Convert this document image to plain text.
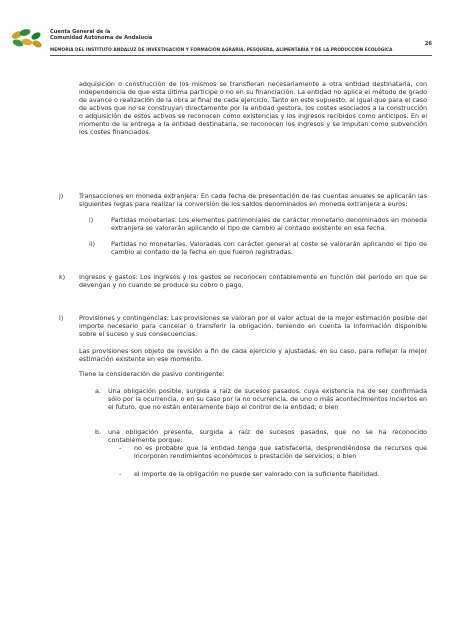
Cuenta General de la
Comunidad Autónoma de Andalucía
26
MEMORIA DEL INSTITUTO ANDALUZ DE INVESTIGACIÓN Y FORMACIÓN AGRARIA, PESQUERA, ALIMENTARIA Y DE LA PRODUCCIÓN ECOLÓGICA
adquisición o construcción de los mismos se transfieran necesariamente a otra entidad destinataria, con independencia de que esta última participe o no en su financiación. La entidad no aplica el método de grado de avance o realización de la obra al final de cada ejercicio. Tanto en este supuesto, al igual que para el caso de activos que no se construyan directamente por la entidad gestora, los costes asociados a la construcción o adquisición de estos activos se reconocen como existencias y los ingresos recibidos como anticipos. En el momento de la entrega a la entidad destinataria, se reconocen los ingresos y se imputan como subvención los costes financiados.
j) Transacciones en moneda extranjera: En cada fecha de presentación de las cuentas anuales se aplicarán las siguientes reglas para realizar la conversión de los saldos denominados en moneda extranjera a euros:
i)	Partidas monetarias. Los elementos patrimoniales de carácter monetario denominados en moneda extranjera se valorarán aplicando el tipo de cambio al contado existente en esa fecha.
ii)	Partidas no monetarias. Valoradas con carácter general al coste se valorarán aplicando el tipo de cambio al contado de la fecha en que fueron registradas.
k) Ingresos y gastos: Los ingresos y los gastos se reconocen contablemente en función del periodo en que se devengan y no cuando se produce su cobro o pago.
l) Provisiones y contingencias: Las provisiones se valoran por el valor actual de la mejor estimación posible del importe necesario para cancelar o transferir la obligación, teniendo en cuenta la información disponible sobre el suceso y sus consecuencias.
Las provisiones son objeto de revisión a fin de cada ejercicio y ajustadas, en su caso, para reflejar la mejor estimación existente en ese momento.
Tiene la consideración de pasivo contingente:
a. Una obligación posible, surgida a raíz de sucesos pasados, cuya existencia ha de ser confirmada sólo por la ocurrencia, o en su caso por la no ocurrencia, de uno o más acontecimientos inciertos en el futuro, que no están enteramente bajo el control de la entidad; o bien
b. una obligación presente, surgida a raíz de sucesos pasados, que no se ha reconocido contablemente porque:
- no es probable que la entidad tenga que satisfacerla, desprendiéndose de recursos que incorporen rendimientos económicos o prestación de servicios; o bien
- el importe de la obligación no puede ser valorado con la suficiente fiabilidad.
